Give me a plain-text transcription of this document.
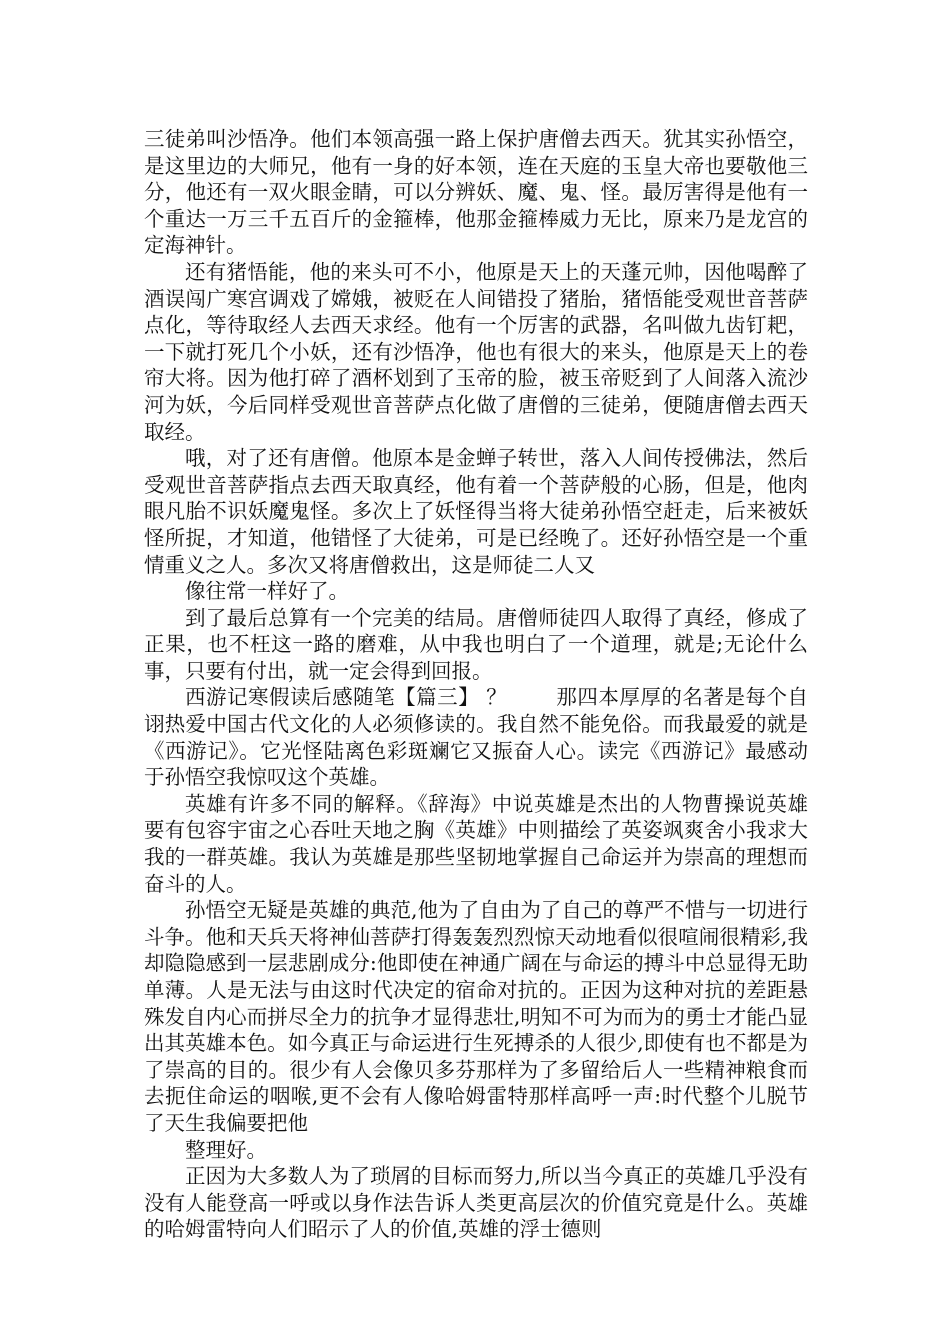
三徒弟叫沙悟净。他们本领高强一路上保护唐僧去西天。犹其实孙悟空，是这里边的大师兄，他有一身的好本领，连在天庭的玉皇大帝也要敬他三分，他还有一双火眼金睛，可以分辨妖、魔、鬼、怪。最厉害得是他有一个重达一万三千五百斤的金箍棒，他那金箍棒威力无比，原来乃是龙宫的定海神针。

还有猪悟能，他的来头可不小，他原是天上的天蓬元帅，因他喝醉了酒误闯广寒宫调戏了嫦娥，被贬在人间错投了猪胎，猪悟能受观世音菩萨点化，等待取经人去西天求经。他有一个厉害的武器，名叫做九齿钉耙，一下就打死几个小妖，还有沙悟净，他也有很大的来头，他原是天上的卷帘大将。因为他打碎了酒杯划到了玉帝的脸，被玉帝贬到了人间落入流沙河为妖，今后同样受观世音菩萨点化做了唐僧的三徒弟，便随唐僧去西天取经。

哦，对了还有唐僧。他原本是金蝉子转世，落入人间传授佛法，然后受观世音菩萨指点去西天取真经，他有着一个菩萨般的心肠，但是，他肉眼凡胎不识妖魔鬼怪。多次上了妖怪得当将大徒弟孙悟空赶走，后来被妖怪所捉，才知道，他错怪了大徒弟，可是已经晚了。还好孙悟空是一个重情重义之人。多次又将唐僧救出，这是师徒二人又

像往常一样好了。

到了最后总算有一个完美的结局。唐僧师徒四人取得了真经，修成了正果，也不枉这一路的磨难，从中我也明白了一个道理，就是;无论什么事，只要有付出，就一定会得到回报。

西游记寒假读后感随笔【篇三】 ？ 　　那四本厚厚的名著是每个自诩热爱中国古代文化的人必须修读的。我自然不能免俗。而我最爱的就是《西游记》。它光怪陆离色彩斑斓它又振奋人心。读完《西游记》最感动于孙悟空我惊叹这个英雄。

英雄有许多不同的解释。《辞海》中说英雄是杰出的人物曹操说英雄要有包容宇宙之心吞吐天地之胸《英雄》中则描绘了英姿飒爽舍小我求大我的一群英雄。我认为英雄是那些坚韧地掌握自己命运并为崇高的理想而奋斗的人。

孙悟空无疑是英雄的典范,他为了自由为了自己的尊严不惜与一切进行斗争。他和天兵天将神仙菩萨打得轰轰烈烈惊天动地看似很喧闹很精彩,我却隐隐感到一层悲剧成分:他即使在神通广阔在与命运的搏斗中总显得无助单薄。人是无法与由这时代决定的宿命对抗的。正因为这种对抗的差距悬殊发自内心而拼尽全力的抗争才显得悲壮,明知不可为而为的勇士才能凸显出其英雄本色。如今真正与命运进行生死搏杀的人很少,即使有也不都是为了崇高的目的。很少有人会像贝多芬那样为了多留给后人一些精神粮食而去扼住命运的咽喉,更不会有人像哈姆雷特那样高呼一声:时代整个儿脱节了天生我偏要把他

整理好。

正因为大多数人为了琐屑的目标而努力,所以当今真正的英雄几乎没有没有人能登高一呼或以身作法告诉人类更高层次的价值究竟是什么。英雄的哈姆雷特向人们昭示了人的价值,英雄的浮士德则
